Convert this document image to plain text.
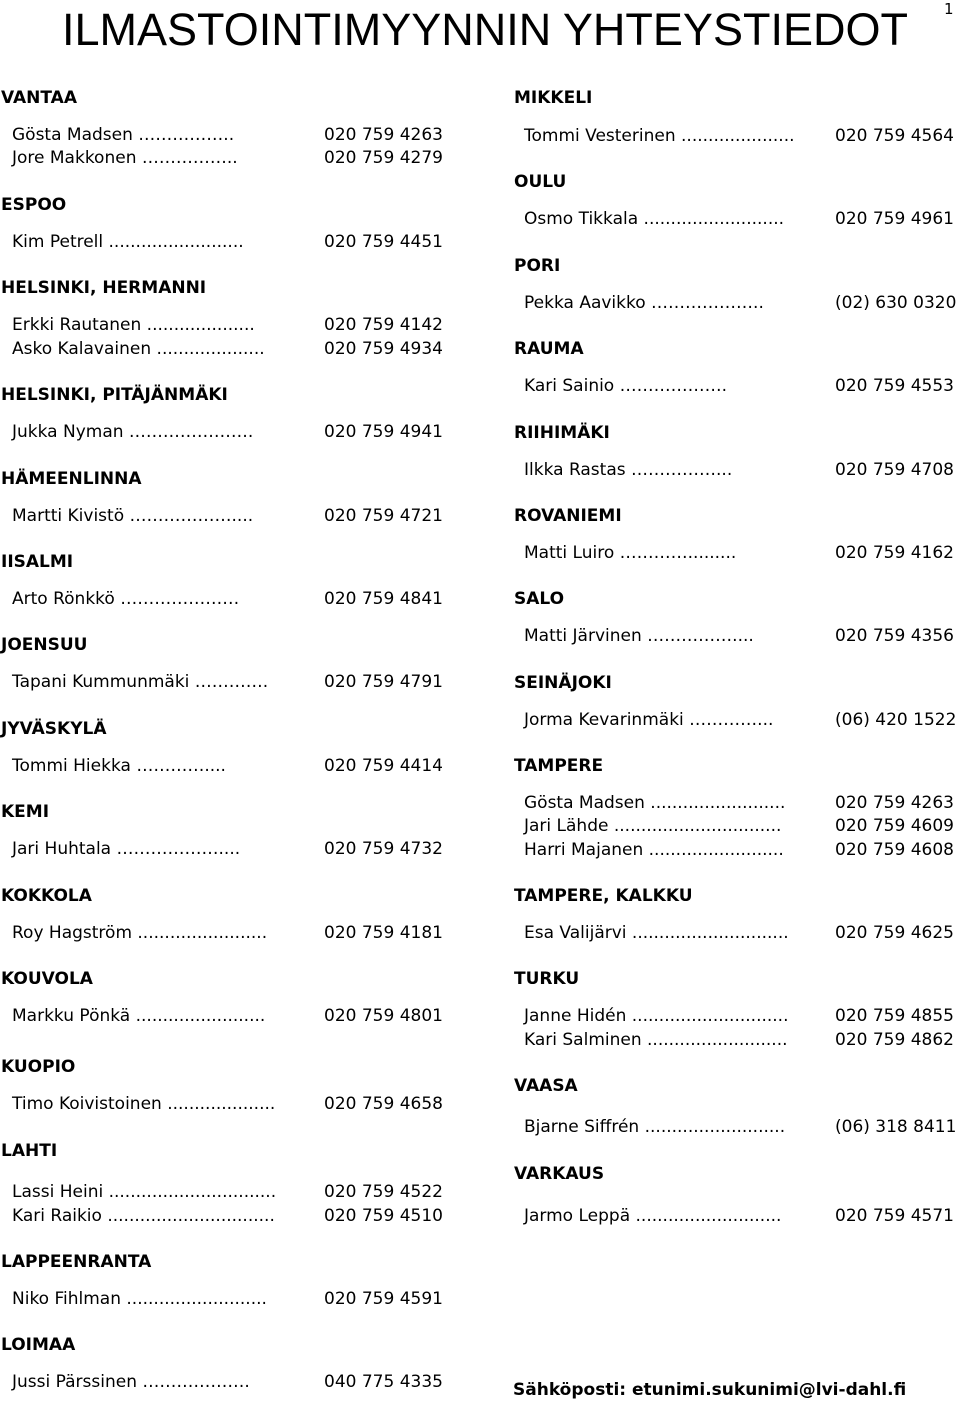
ILMASTOINTIMYYNNIN YHTEYSTIEDOT 1
VANTAA
Gösta Madsen ……………..	020 759 4263
Jore Makkonen ……………..	020 759 4279
ESPOO
Kim Petrell .........................	020 759 4451
HELSINKI, HERMANNI
Erkki Rautanen ....................	020 759 4142
Asko Kalavainen ....................	020 759 4934
HELSINKI, PITÄJÄNMÄKI
Jukka Nyman ………………….	020 759 4941
HÄMEENLINNA
Martti Kivistö ………………....	020 759 4721
IISALMI
Arto Rönkkö …………………	020 759 4841
JOENSUU
Tapani Kummunmäki ………….	020 759 4791
JYVÄSKYLÄ
Tommi Hiekka …………....	020 759 4414
KEMI
Jari Huhtala ………………....	020 759 4732
KOKKOLA
Roy Hagström ........................	020 759 4181
KOUVOLA
Markku Pönkä ........................	020 759 4801
KUOPIO
Timo Koivistoinen ....................	020 759 4658
LAHTI
Lassi Heini ...............................	020 759 4522
Kari Raikio ...............................	020 759 4510
LAPPEENRANTA
Niko Fihlman ..........................	020 759 4591
LOIMAA
Jussi Pärssinen ……………….	040 775 4335
MIKKELI
Tommi Vesterinen ..................... 020 759 4564
OULU
Osmo Tikkala ..........................	020 759 4961
PORI
Pekka Aavikko ………………..	(02) 630 0320
RAUMA
Kari Sainio ……………….	020 759 4553
RIIHIMÄKI
Ilkka Rastas ……………...	020 759 4708
ROVANIEMI
Matti Luiro ………….........	020 759 4162
SALO
Matti Järvinen ……………....	020 759 4356
SEINÄJOKI
Jorma Kevarinmäki …………...	(06) 420 1522
TAMPERE
Gösta Madsen .........................	020 759 4263
Jari Lähde ...............................	020 759 4609
Harri Majanen .........................	020 759 4608
TAMPERE, KALKKU
Esa Valijärvi .............................	020 759 4625
TURKU
Janne Hidén .............................	020 759 4855
Kari Salminen ..........................	020 759 4862
VAASA
Bjarne Siffrén ..........................	(06) 318 8411
VARKAUS
Jarmo Leppä ...........................	020 759 4571
Sähköposti: etunimi.sukunimi@lvi-dahl.fi
